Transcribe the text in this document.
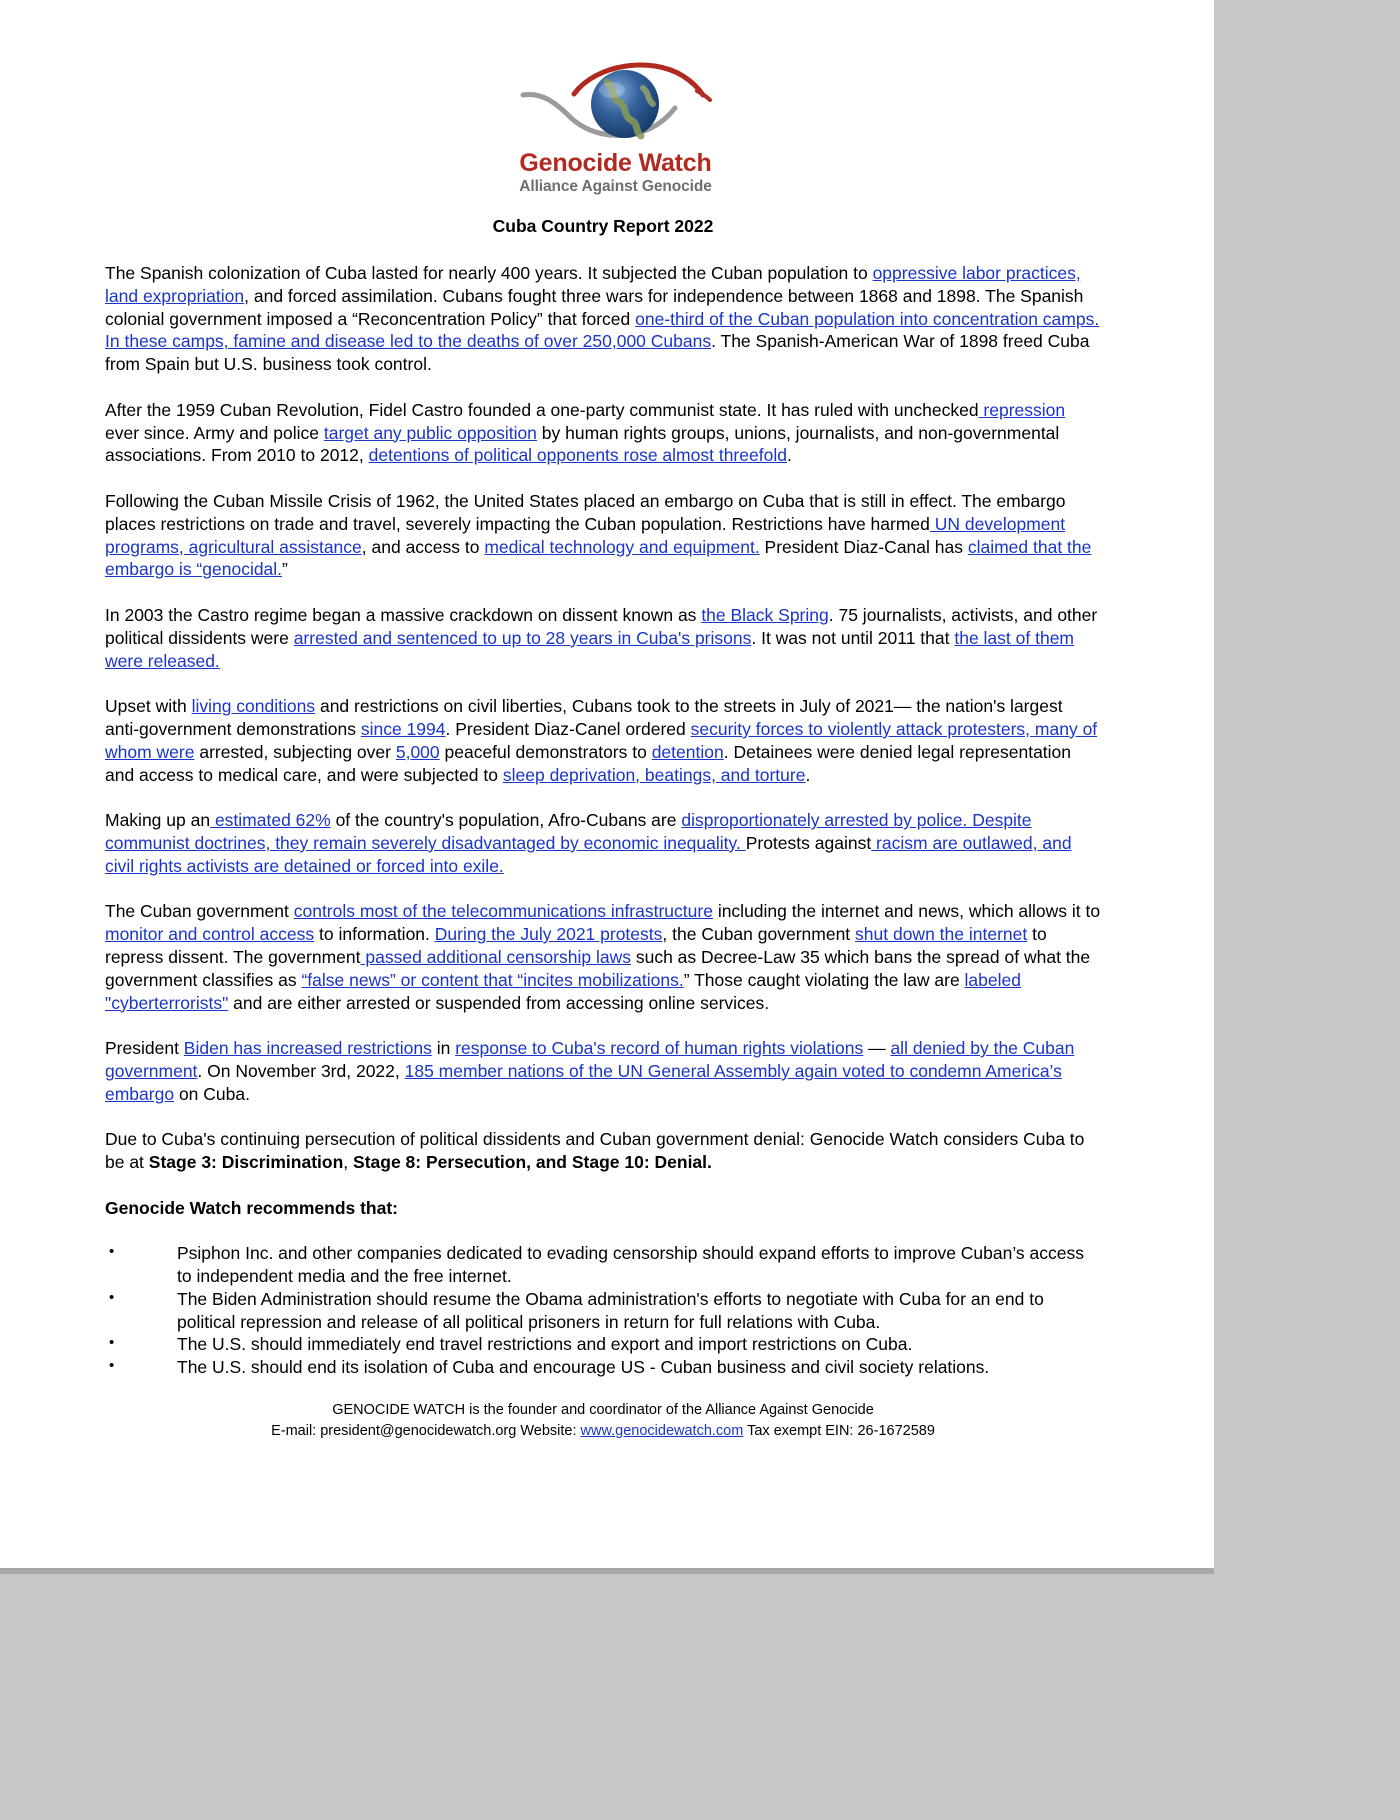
Genocide Watch
Alliance Against Genocide
Cuba Country Report 2022

The Spanish colonization of Cuba lasted for nearly 400 years. It subjected the Cuban population to oppressive labor practices, land expropriation, and forced assimilation. Cubans fought three wars for independence between 1868 and 1898. The Spanish colonial government imposed a “Reconcentration Policy” that forced one-third of the Cuban population into concentration camps. In these camps, famine and disease led to the deaths of over 250,000 Cubans. The Spanish-American War of 1898 freed Cuba from Spain but U.S. business took control.

After the 1959 Cuban Revolution, Fidel Castro founded a one-party communist state. It has ruled with unchecked repression ever since. Army and police target any public opposition by human rights groups, unions, journalists, and non-governmental associations. From 2010 to 2012, detentions of political opponents rose almost threefold.

Following the Cuban Missile Crisis of 1962, the United States placed an embargo on Cuba that is still in effect. The embargo places restrictions on trade and travel, severely impacting the Cuban population. Restrictions have harmed UN development programs, agricultural assistance, and access to medical technology and equipment. President Diaz-Canal has claimed that the embargo is “genocidal.”

In 2003 the Castro regime began a massive crackdown on dissent known as the Black Spring. 75 journalists, activists, and other political dissidents were arrested and sentenced to up to 28 years in Cuba's prisons. It was not until 2011 that the last of them were released.

Upset with living conditions and restrictions on civil liberties, Cubans took to the streets in July of 2021— the nation's largest anti-government demonstrations since 1994. President Diaz-Canel ordered security forces to violently attack protesters, many of whom were arrested, subjecting over 5,000 peaceful demonstrators to detention. Detainees were denied legal representation and access to medical care, and were subjected to sleep deprivation, beatings, and torture.

Making up an estimated 62% of the country's population, Afro-Cubans are disproportionately arrested by police. Despite communist doctrines, they remain severely disadvantaged by economic inequality. Protests against racism are outlawed, and civil rights activists are detained or forced into exile.

The Cuban government controls most of the telecommunications infrastructure including the internet and news, which allows it to monitor and control access to information. During the July 2021 protests, the Cuban government shut down the internet to repress dissent. The government passed additional censorship laws such as Decree-Law 35 which bans the spread of what the government classifies as “false news” or content that “incites mobilizations.” Those caught violating the law are labeled "cyberterrorists" and are either arrested or suspended from accessing online services.

President Biden has increased restrictions in response to Cuba's record of human rights violations — all denied by the Cuban government. On November 3rd, 2022, 185 member nations of the UN General Assembly again voted to condemn America’s embargo on Cuba.

Due to Cuba's continuing persecution of political dissidents and Cuban government denial: Genocide Watch considers Cuba to be at Stage 3: Discrimination, Stage 8: Persecution, and Stage 10: Denial.

Genocide Watch recommends that:

•	Psiphon Inc. and other companies dedicated to evading censorship should expand efforts to improve Cuban’s access to independent media and the free internet.
•	The Biden Administration should resume the Obama administration's efforts to negotiate with Cuba for an end to political repression and release of all political prisoners in return for full relations with Cuba.
•	The U.S. should immediately end travel restrictions and export and import restrictions on Cuba.
•	The U.S. should end its isolation of Cuba and encourage US - Cuban business and civil society relations.
GENOCIDE WATCH is the founder and coordinator of the Alliance Against Genocide
E-mail: president@genocidewatch.org Website: www.genocidewatch.com Tax exempt EIN: 26-1672589
